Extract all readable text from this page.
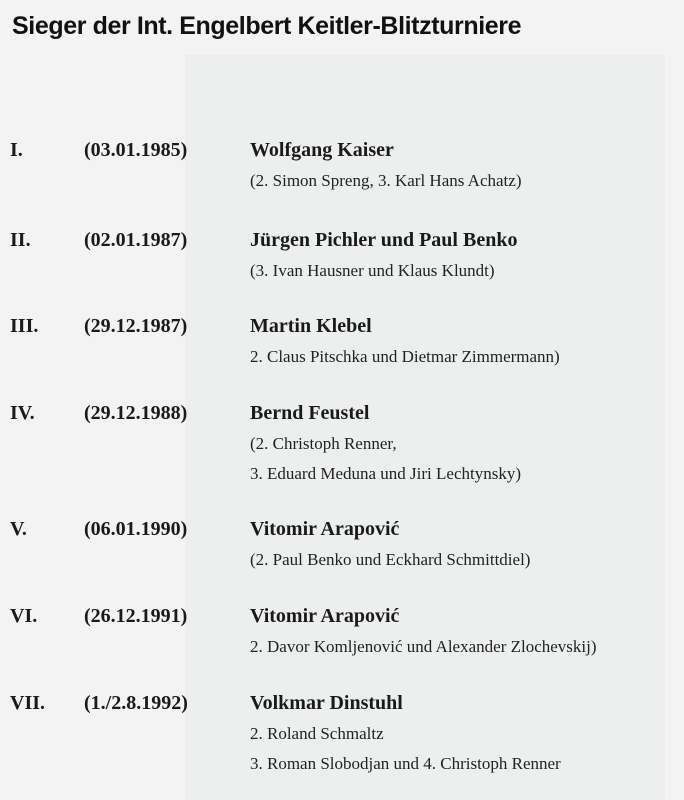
Sieger der Int. Engelbert Keitler-Blitzturniere
I.	(03.01.1985)	Wolfgang Kaiser
(2. Simon Spreng, 3. Karl Hans Achatz)
II.	(02.01.1987)	Jürgen Pichler und Paul Benko
(3. Ivan Hausner und Klaus Klundt)
III. (29.12.1987)	Martin Klebel
2. Claus Pitschka und Dietmar Zimmermann)
IV. (29.12.1988)	Bernd Feustel
(2. Christoph Renner,
3. Eduard Meduna und Jiri Lechtynsky)
V.	(06.01.1990)	Vitomir Arapović
(2. Paul Benko und Eckhard Schmittdiel)
VI. (26.12.1991)	Vitomir Arapović
2. Davor Komljenović und Alexander Zlochevskij)
VII. (1./2.8.1992)	Volkmar Dinstuhl
2. Roland Schmaltz
3. Roman Slobodjan und 4. Christoph Renner
